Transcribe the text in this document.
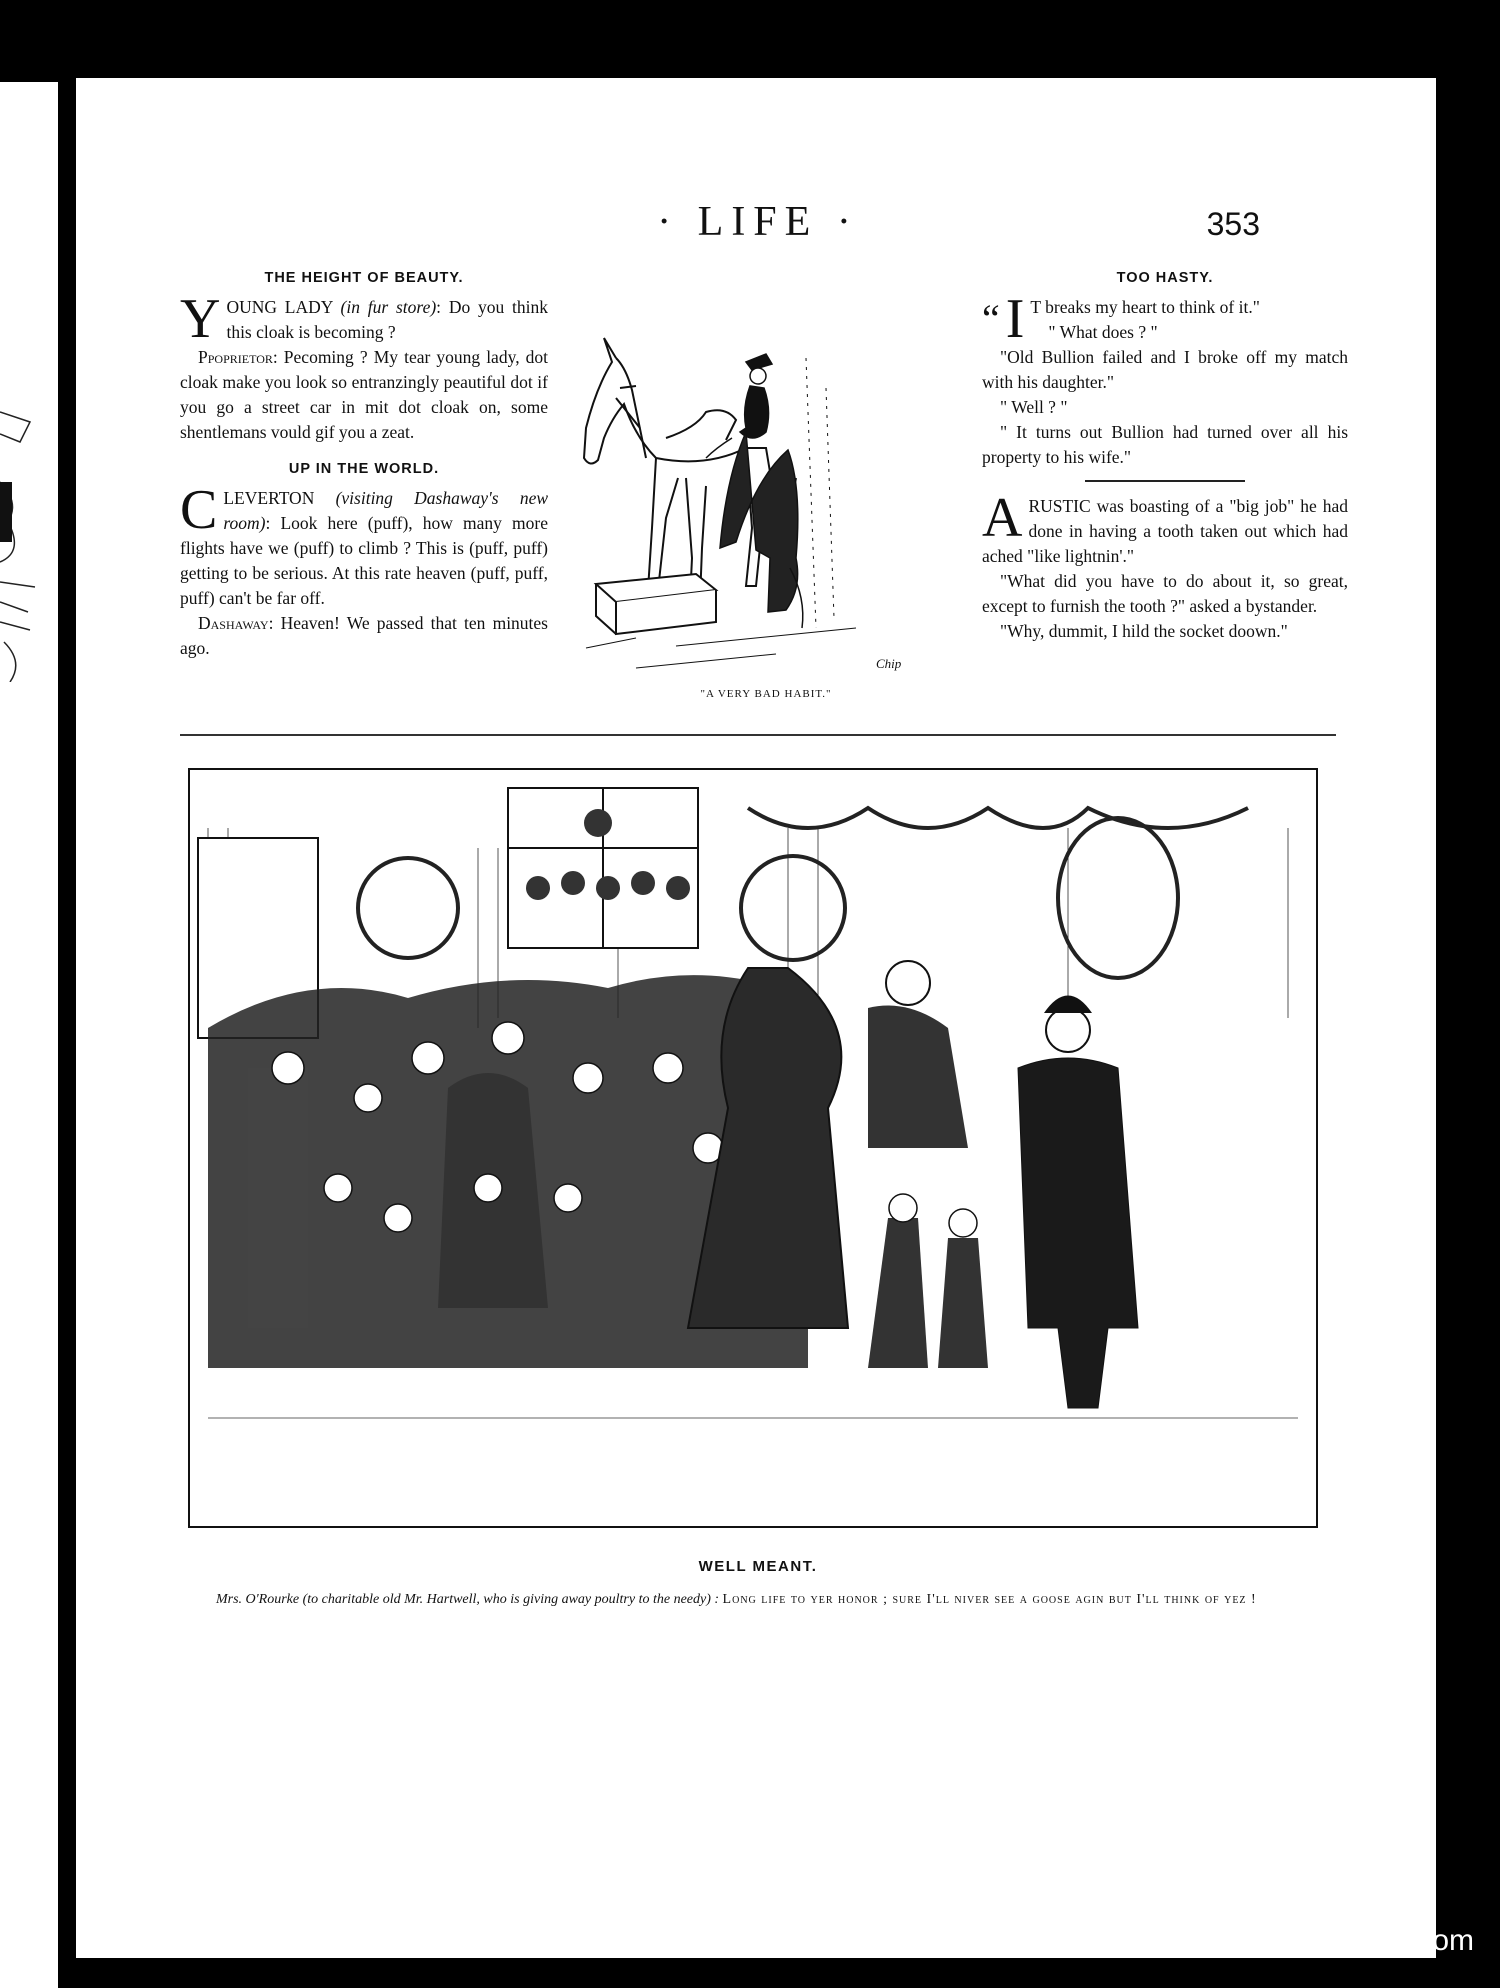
· LIFE ·	353
THE HEIGHT OF BEAUTY.

YOUNG LADY (in fur store): Do you think this cloak is becoming ?

Ppoprietor: Pecoming ? My tear young lady, dot cloak make you look so entranzingly peautiful dot if you go a street car in mit dot cloak on, some shentlemans vould gif you a zeat.

UP IN THE WORLD.

CLEVERTON (visiting Dashaway's new room): Look here (puff), how many more flights have we (puff) to climb ? This is (puff, puff) getting to be serious. At this rate heaven (puff, puff, puff) can't be far off.

Dashaway: Heaven! We passed that ten minutes ago.

Chip
"A VERY BAD HABIT."
TOO HASTY.

“ I T breaks my heart to think of it."

" What does ? "

"Old Bullion failed and I broke off my match with his daughter."

" Well ? "

" It turns out Bullion had turned over all his property to his wife."

ARUSTIC was boasting of a "big job" he had done in having a tooth taken out which had ached "like lightnin'."

"What did you have to do about it, so great, except to furnish the tooth ?" asked a bystander.

"Why, dummit, I hild the socket doown."

WELL MEANT.
Mrs. O'Rourke (to charitable old Mr. Hartwell, who is giving away poultry to the needy) : Long life to yer honor ; sure I'll niver see a goose agin but I'll think of yez !
comicbooks.com
